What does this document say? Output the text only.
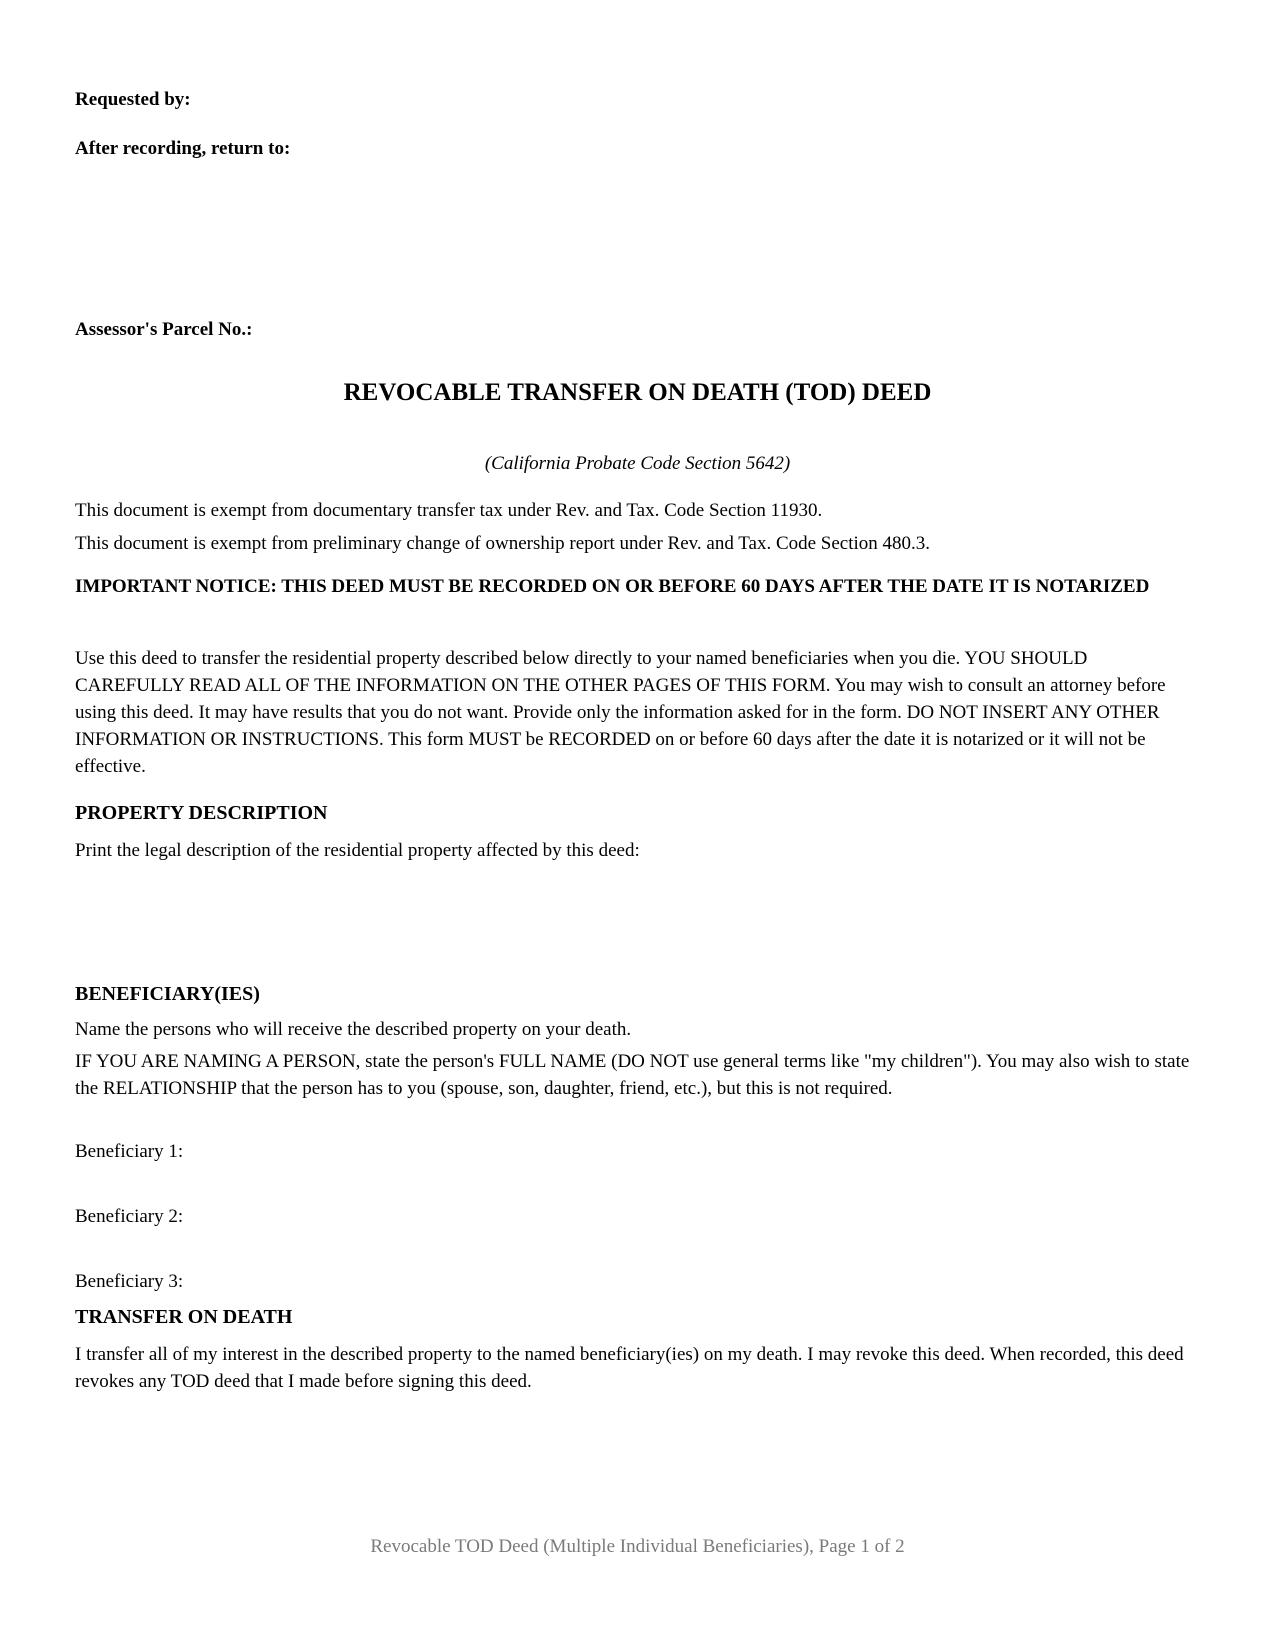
Requested by:

After recording, return to:

Assessor's Parcel No.:

REVOCABLE TRANSFER ON DEATH (TOD) DEED

(California Probate Code Section 5642)

This document is exempt from documentary transfer tax under Rev. and Tax. Code Section 11930.

This document is exempt from preliminary change of ownership report under Rev. and Tax. Code Section 480.3.

IMPORTANT NOTICE: THIS DEED MUST BE RECORDED ON OR BEFORE 60 DAYS AFTER THE DATE IT IS NOTARIZED

Use this deed to transfer the residential property described below directly to your named beneficiaries when you die. YOU SHOULD CAREFULLY READ ALL OF THE INFORMATION ON THE OTHER PAGES OF THIS FORM. You may wish to consult an attorney before using this deed. It may have results that you do not want. Provide only the information asked for in the form. DO NOT INSERT ANY OTHER INFORMATION OR INSTRUCTIONS. This form MUST be RECORDED on or before 60 days after the date it is notarized or it will not be effective.

PROPERTY DESCRIPTION

Print the legal description of the residential property affected by this deed:

BENEFICIARY(IES)

Name the persons who will receive the described property on your death.

IF YOU ARE NAMING A PERSON, state the person's FULL NAME (DO NOT use general terms like "my children"). You may also wish to state the RELATIONSHIP that the person has to you (spouse, son, daughter, friend, etc.), but this is not required.

Beneficiary 1:

Beneficiary 2:

Beneficiary 3:

TRANSFER ON DEATH

I transfer all of my interest in the described property to the named beneficiary(ies) on my death. I may revoke this deed. When recorded, this deed revokes any TOD deed that I made before signing this deed.

Revocable TOD Deed (Multiple Individual Beneficiaries), Page 1 of 2
